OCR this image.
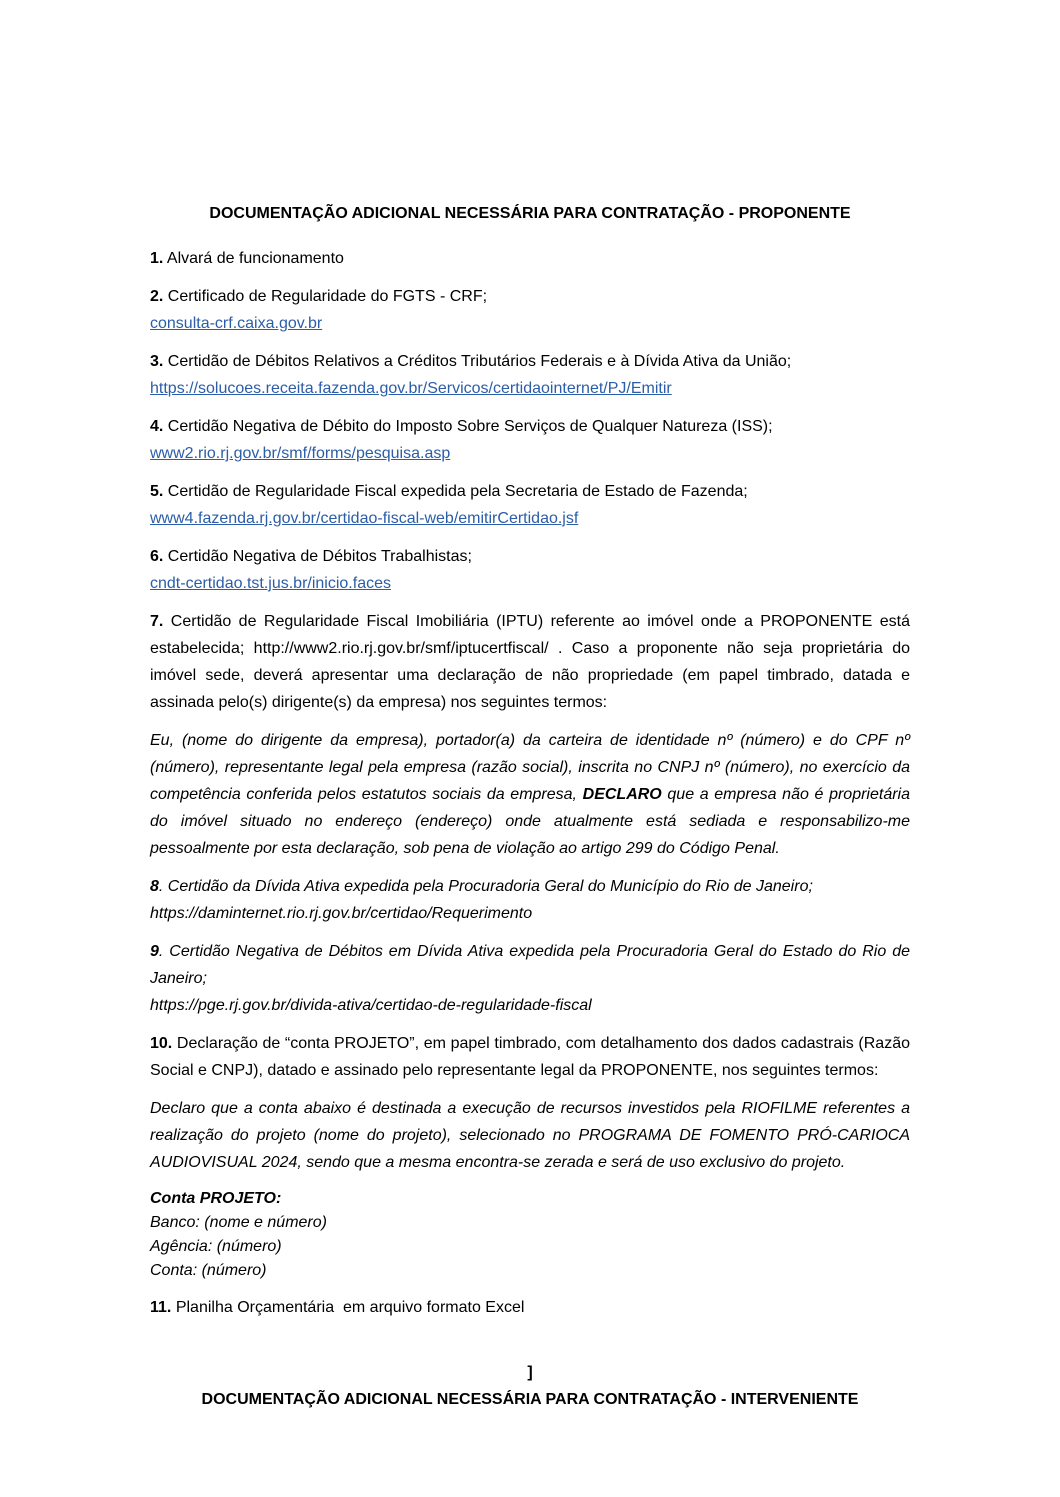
DOCUMENTAÇÃO ADICIONAL NECESSÁRIA PARA CONTRATAÇÃO - PROPONENTE

1. Alvará de funcionamento

2. Certificado de Regularidade do FGTS - CRF;

consulta-crf.caixa.gov.br

3. Certidão de Débitos Relativos a Créditos Tributários Federais e à Dívida Ativa da União;

https://solucoes.receita.fazenda.gov.br/Servicos/certidaointernet/PJ/Emitir

4. Certidão Negativa de Débito do Imposto Sobre Serviços de Qualquer Natureza (ISS);

www2.rio.rj.gov.br/smf/forms/pesquisa.asp

5. Certidão de Regularidade Fiscal expedida pela Secretaria de Estado de Fazenda;

www4.fazenda.rj.gov.br/certidao-fiscal-web/emitirCertidao.jsf

6. Certidão Negativa de Débitos Trabalhistas;

cndt-certidao.tst.jus.br/inicio.faces

7. Certidão de Regularidade Fiscal Imobiliária (IPTU) referente ao imóvel onde a PROPONENTE está estabelecida; http://www2.rio.rj.gov.br/smf/iptucertfiscal/ . Caso a proponente não seja proprietária do imóvel sede, deverá apresentar uma declaração de não propriedade (em papel timbrado, datada e assinada pelo(s) dirigente(s) da empresa) nos seguintes termos:

Eu, (nome do dirigente da empresa), portador(a) da carteira de identidade nº (número) e do CPF nº (número), representante legal pela empresa (razão social), inscrita no CNPJ nº (número), no exercício da competência conferida pelos estatutos sociais da empresa, DECLARO que a empresa não é proprietária do imóvel situado no endereço (endereço) onde atualmente está sediada e responsabilizo-me pessoalmente por esta declaração, sob pena de violação ao artigo 299 do Código Penal.

8. Certidão da Dívida Ativa expedida pela Procuradoria Geral do Município do Rio de Janeiro;

https://daminternet.rio.rj.gov.br/certidao/Requerimento

9. Certidão Negativa de Débitos em Dívida Ativa expedida pela Procuradoria Geral do Estado do Rio de Janeiro;

https://pge.rj.gov.br/divida-ativa/certidao-de-regularidade-fiscal

10. Declaração de “conta PROJETO”, em papel timbrado, com detalhamento dos dados cadastrais (Razão Social e CNPJ), datado e assinado pelo representante legal da PROPONENTE, nos seguintes termos:

Declaro que a conta abaixo é destinada a execução de recursos investidos pela RIOFILME referentes a realização do projeto (nome do projeto), selecionado no PROGRAMA DE FOMENTO PRÓ-CARIOCA AUDIOVISUAL 2024, sendo que a mesma encontra-se zerada e será de uso exclusivo do projeto.

Conta PROJETO:

Banco: (nome e número)

Agência: (número)

Conta: (número)

11. Planilha Orçamentária  em arquivo formato Excel

]

DOCUMENTAÇÃO ADICIONAL NECESSÁRIA PARA CONTRATAÇÃO - INTERVENIENTE
